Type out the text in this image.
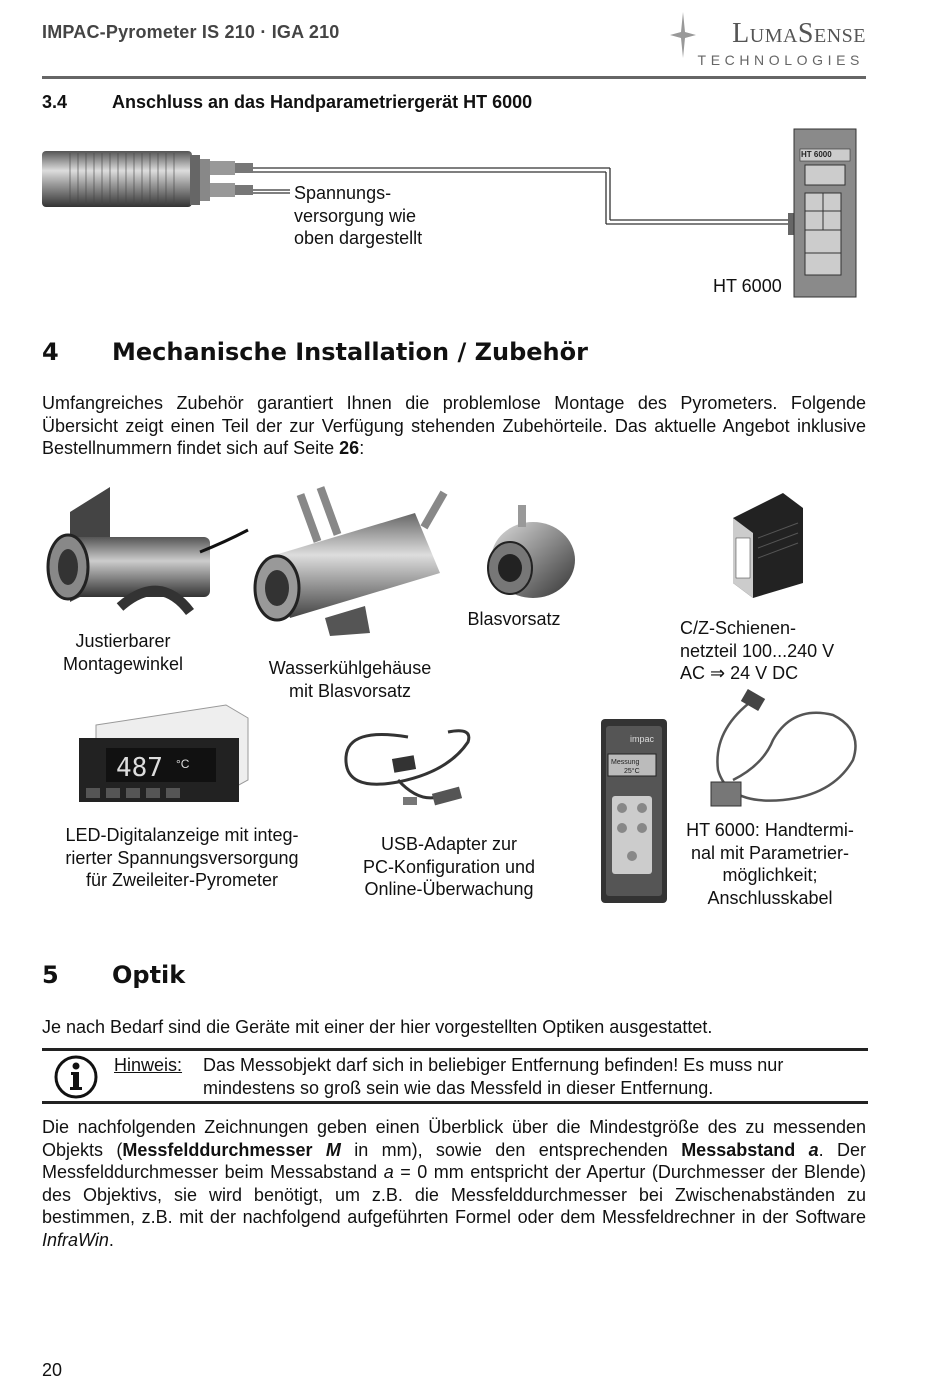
IMPAC-Pyrometer IS 210 · IGA 210	LumaSense
TECHNOLOGIES
3.4 Anschluss an das Handparametriergerät HT 6000
HT 6000
Spannungs-
versorgung wie
oben dargestellt
HT 6000
4 Mechanische Installation / Zubehör
Umfangreiches Zubehör garantiert Ihnen die problemlose Montage des Pyrometers. Folgende Übersicht zeigt einen Teil der zur Verfügung stehenden Zubehörteile. Das aktuelle Angebot inklusive Bestellnummern findet sich auf Seite 26:
Justierbarer
Montagewinkel	Wasserkühlgehäuse
mit Blasvorsatz
Blasvorsatz	C/Z-Schienen-
netzteil 100...240 V
AC ⇒ 24 V DC
487 °C
impac
Messung
25°C
LED-Digitalanzeige mit integ-
rierter Spannungsversorgung
für Zweileiter-Pyrometer
USB-Adapter zur
PC-Konfiguration und
Online-Überwachung
HT 6000: Handtermi-
nal mit Parametrier-
möglichkeit;
Anschlusskabel
5 Optik
Je nach Bedarf sind die Geräte mit einer der hier vorgestellten Optiken ausgestattet.
Hinweis: Das Messobjekt darf sich in beliebiger Entfernung befinden! Es muss nur
mindestens so groß sein wie das Messfeld in dieser Entfernung.
Die nachfolgenden Zeichnungen geben einen Überblick über die Mindestgröße des zu messenden Objekts (Messfelddurchmesser M in mm), sowie den entsprechenden Messabstand a. Der Messfelddurchmesser beim Messabstand a = 0 mm entspricht der Apertur (Durchmesser der Blende) des Objektivs, sie wird benötigt, um z.B. die Messfelddurchmesser bei Zwischenabständen zu bestimmen, z.B. mit der nachfolgend aufgeführten Formel oder dem Messfeldrechner in der Software InfraWin.
20
